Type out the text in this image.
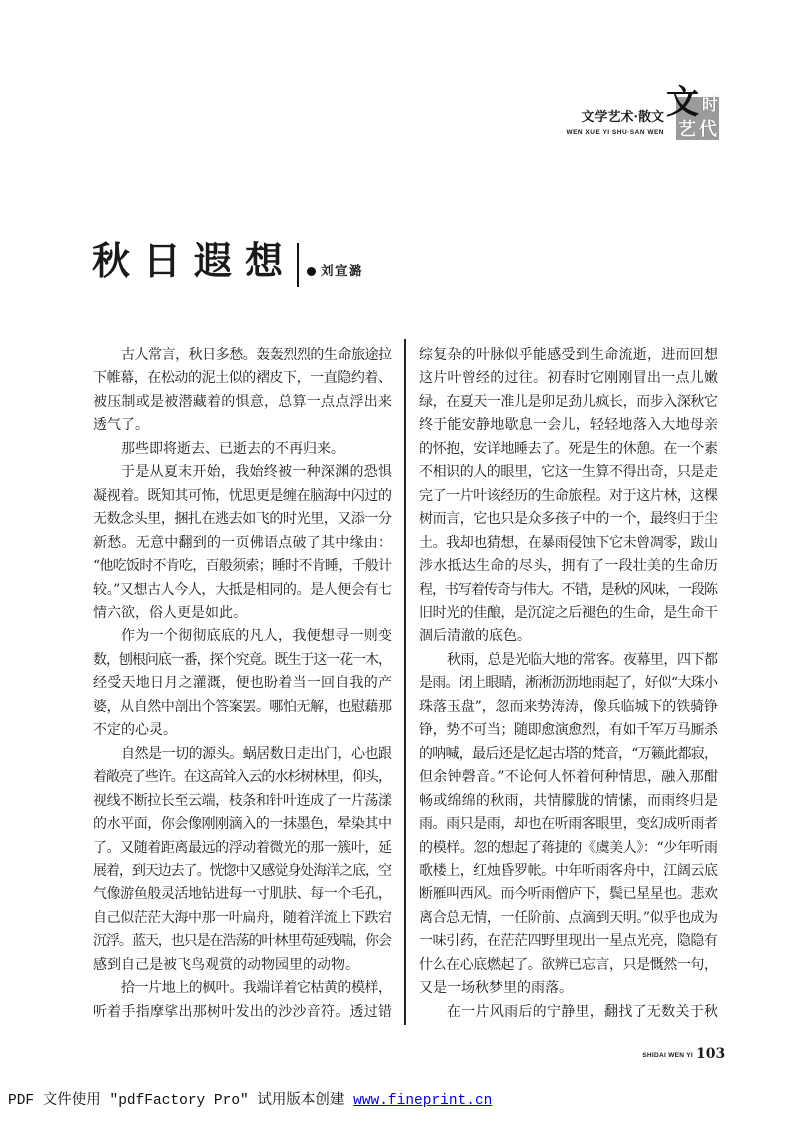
文学艺术·散文
WEN XUE YI SHU·SAN WEN
文 时
艺 代
秋日遐想 刘宣潞
古人常言，秋日多愁。轰轰烈烈的生命旅途拉
下帷幕，在松动的泥土似的褶皮下，一直隐约着、
被压制或是被潜藏着的惧意，总算一点点浮出来
透气了。
那些即将逝去、已逝去的不再归来。
于是从夏末开始，我始终被一种深渊的恐惧
凝视着。既知其可怖，忧思更是缠在脑海中闪过的
无数念头里，捆扎在逃去如飞的时光里，又添一分
新愁。无意中翻到的一页佛语点破了其中缘由：
“他吃饭时不肯吃，百般须索；睡时不肯睡，千般计
较。”又想古人今人，大抵是相同的。是人便会有七
情六欲，俗人更是如此。
作为一个彻彻底底的凡人，我便想寻一则变
数，刨根问底一番，探个究竟。既生于这一花一木，
经受天地日月之灌溉，便也盼着当一回自我的产
婆，从自然中剖出个答案罢。哪怕无解，也慰藉那
不定的心灵。
自然是一切的源头。蜗居数日走出门，心也跟
着敞亮了些许。在这高耸入云的水杉树林里，仰头，
视线不断拉长至云端，枝条和针叶连成了一片荡漾
的水平面，你会像刚刚滴入的一抹墨色，晕染其中
了。又随着距离最远的浮动着微光的那一簇叶，延
展着，到天边去了。恍惚中又感觉身处海洋之底，空
气像游鱼般灵活地钻进每一寸肌肤、每一个毛孔，
自己似茫茫大海中那一叶扁舟，随着洋流上下跌宕
沉浮。蓝天，也只是在浩荡的叶林里苟延残喘，你会
感到自己是被飞鸟观赏的动物园里的动物。
拾一片地上的枫叶。我端详着它枯黄的模样，
听着手指摩挲出那树叶发出的沙沙音符。透过错
综复杂的叶脉似乎能感受到生命流逝，进而回想
这片叶曾经的过往。初春时它刚刚冒出一点儿嫩
绿，在夏天一准儿是卯足劲儿疯长，而步入深秋它
终于能安静地歇息一会儿，轻轻地落入大地母亲
的怀抱，安详地睡去了。死是生的休憩。在一个素
不相识的人的眼里，它这一生算不得出奇，只是走
完了一片叶该经历的生命旅程。对于这片林，这棵
树而言，它也只是众多孩子中的一个，最终归于尘
土。我却也猜想，在暴雨侵蚀下它未曾凋零，跋山
涉水抵达生命的尽头，拥有了一段壮美的生命历
程，书写着传奇与伟大。不错，是秋的风味，一段陈
旧时光的佳酿，是沉淀之后褪色的生命，是生命干
涸后清澈的底色。
秋雨，总是光临大地的常客。夜幕里，四下都
是雨。闭上眼睛，淅淅沥沥地雨起了，好似“大珠小
珠落玉盘”，忽而来势涛涛，像兵临城下的铁骑铮
铮，势不可当；随即愈演愈烈，有如千军万马厮杀
的呐喊，最后还是忆起古塔的梵音，“万籁此都寂，
但余钟磬音。”不论何人怀着何种情思，融入那酣
畅或绵绵的秋雨，共情朦胧的情愫，而雨终归是
雨。雨只是雨，却也在听雨客眼里，变幻成听雨者
的模样。忽的想起了蒋捷的《虞美人》：“少年听雨
歌楼上，红烛昏罗帐。中年听雨客舟中，江阔云底
断雁叫西风。而今听雨僧庐下，鬓已星星也。悲欢
离合总无情，一任阶前、点滴到天明。”似乎也成为
一味引药，在茫茫四野里现出一星点光亮，隐隐有
什么在心底燃起了。欲辨已忘言，只是慨然一句，
又是一场秋梦里的雨落。
在一片风雨后的宁静里，翻找了无数关于秋
SHIDAI WEN YI 103
PDF 文件使用 "pdfFactory Pro" 试用版本创建 www.fineprint.cn
